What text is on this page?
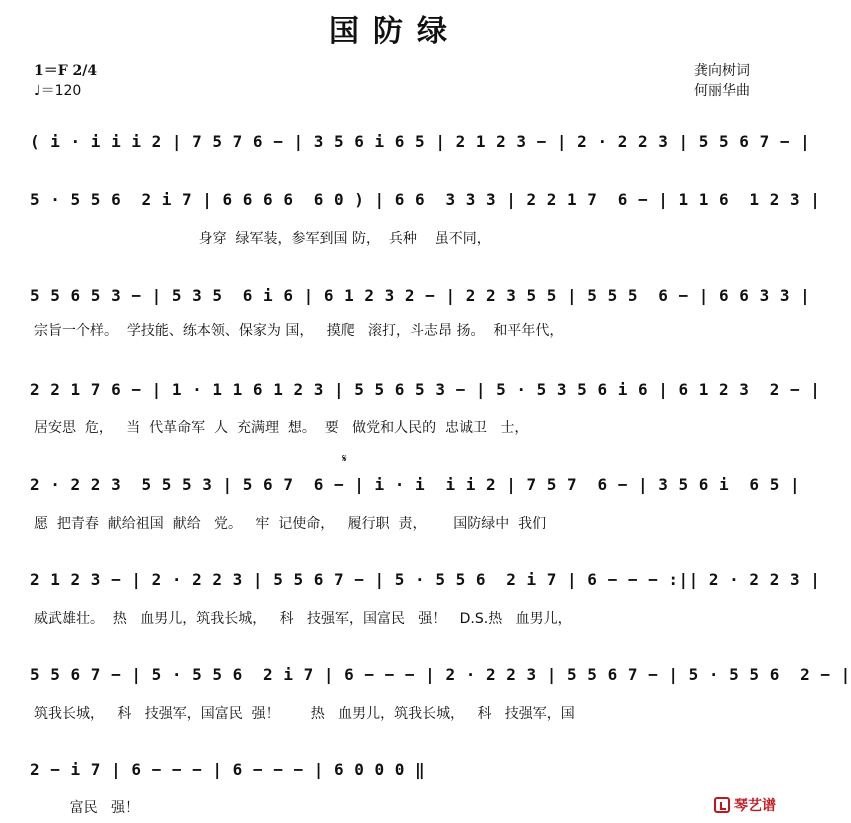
国防绿
1＝F 2/4
♩＝120
龚向树词
何丽华曲
( i · i i i 2 | 7 5 7 6 − | 3 5 6 i 6 5 | 2 1 2 3 − | 2 · 2 2 3 | 5 5 6 7 − |
5 · 5 5 6  2 i 7 | 6 6 6 6  6 0 ) | 6 6  3 3 3 | 2 2 1 7  6 − | 1 1 6  1 2 3 |
身穿  绿军装，参军到国 防，  兵种    虽不同，
5 5 6 5 3 − | 5 3 5  6 i 6 | 6 1 2 3 2 − | 2 2 3 5 5 | 5 5 5  6 − | 6 6 3 3 |
宗旨一个样。  学技能、练本领、保家为 国，   摸爬   滚打，斗志昂 扬。  和平年代，
2 2 1 7 6 − | 1 · 1 1 6 1 2 3 | 5 5 6 5 3 − | 5 · 5 3 5 6 i 6 | 6 1 2 3  2 − |
居安思  危，   当  代革命军  人  充满理  想。  要   做党和人民的  忠诚卫   士，
𝄋
2 · 2 2 3  5 5 5 3 | 5 6 7  6 − | i · i  i i 2 | 7 5 7  6 − | 3 5 6 i  6 5 |
愿  把青春  献给祖国  献给   党。   牢  记使命，   履行职  责，      国防绿中  我们
2 1 2 3 − | 2 · 2 2 3 | 5 5 6 7 − | 5 · 5 5 6  2 i 7 | 6 − − − :|| 2 · 2 2 3 |
威武雄壮。  热   血男儿，筑我长城，   科   技强军，国富民   强！   D.S.热   血男儿，
5 5 6 7 − | 5 · 5 5 6  2 i 7 | 6 − − − | 2 · 2 2 3 | 5 5 6 7 − | 5 · 5 5 6  2 − |
筑我长城，   科   技强军，国富民  强！       热   血男儿，筑我长城，   科   技强军，国
2 − i 7 | 6 − − − | 6 − − − | 6 0 0 0 ‖
富民   强！	琴艺谱
